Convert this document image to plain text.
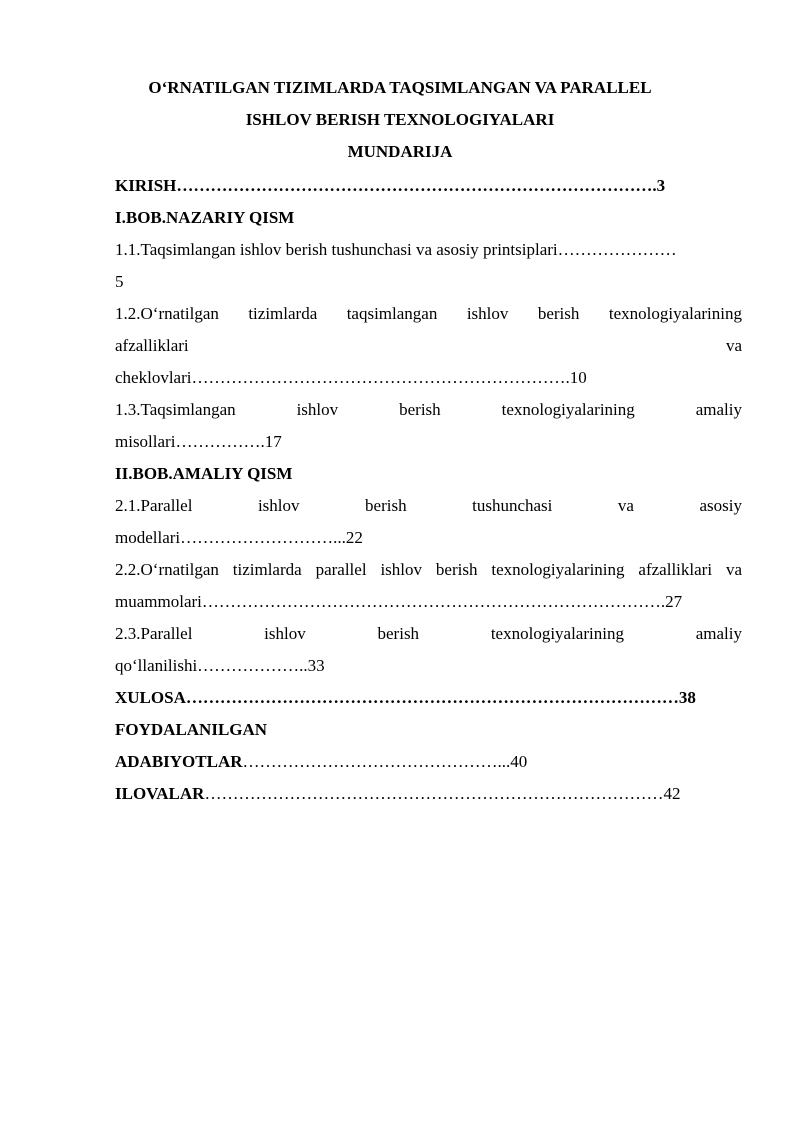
O‘RNATILGAN TIZIMLARDA TAQSIMLANGAN VA PARALLEL
ISHLOV BERISH TEXNOLOGIYALARI
MUNDARIJA
KIRISH………………………………………………………………………….3
I.BOB.NAZARIY QISM
1.1.Taqsimlangan ishlov berish tushunchasi va asosiy printsiplari…………………
5
1.2.O‘rnatilgan tizimlarda taqsimlangan ishlov berish texnologiyalarining
afzalliklari va
cheklovlari………………………………………………………….10
1.3.Taqsimlangan ishlov berish texnologiyalarining amaliy
misollari…………….17
II.BOB.AMALIY QISM
2.1.Parallel ishlov berish tushunchasi va asosiy
modellari………………………...22
2.2.O‘rnatilgan tizimlarda parallel ishlov berish texnologiyalarining afzalliklari va
muammolari……………………………………………………………………….27
2.3.Parallel ishlov berish texnologiyalarining amaliy
qo‘llanilishi………………..33
XULOSA……………………………………………………………………………38
FOYDALANILGAN
ADABIYOTLAR………………………………………...40
ILOVALAR………………………………………………………………………42
